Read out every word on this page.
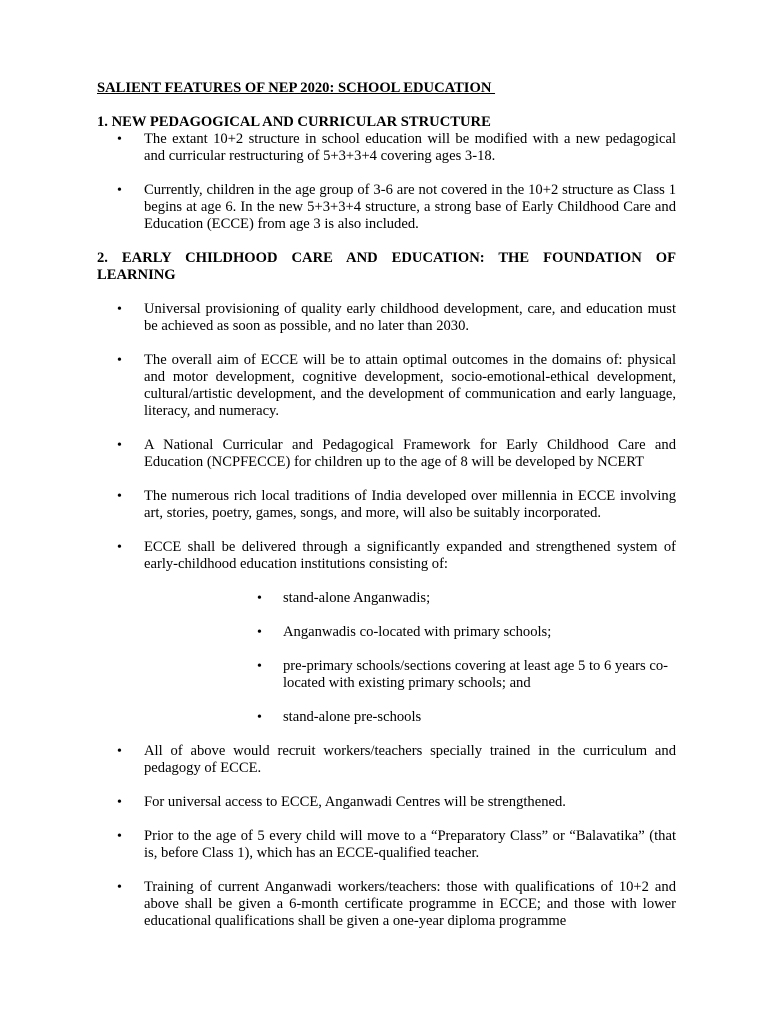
SALIENT FEATURES OF NEP 2020: SCHOOL EDUCATION

1. NEW PEDAGOGICAL AND CURRICULAR STRUCTURE

• The extant 10+2 structure in school education will be modified with a new pedagogical and curricular restructuring of 5+3+3+4 covering ages 3-18.
• Currently, children in the age group of 3-6 are not covered in the 10+2 structure as Class 1 begins at age 6. In the new 5+3+3+4 structure, a strong base of Early Childhood Care and Education (ECCE) from age 3 is also included.

2. EARLY CHILDHOOD CARE AND EDUCATION: THE FOUNDATION OF LEARNING

• Universal provisioning of quality early childhood development, care, and education must be achieved as soon as possible, and no later than 2030.
• The overall aim of ECCE will be to attain optimal outcomes in the domains of: physical and motor development, cognitive development, socio-emotional-ethical development, cultural/artistic development, and the development of communication and early language, literacy, and numeracy.
• A National Curricular and Pedagogical Framework for Early Childhood Care and Education (NCPFECCE) for children up to the age of 8 will be developed by NCERT
• The numerous rich local traditions of India developed over millennia in ECCE involving art, stories, poetry, games, songs, and more, will also be suitably incorporated.
• ECCE shall be delivered through a significantly expanded and strengthened system of early-childhood education institutions consisting of:
• stand-alone Anganwadis;
• Anganwadis co-located with primary schools;
• pre-primary schools/sections covering at least age 5 to 6 years co-located with existing primary schools; and
• stand-alone pre-schools
• All of above would recruit workers/teachers specially trained in the curriculum and pedagogy of ECCE.
• For universal access to ECCE, Anganwadi Centres will be strengthened.
• Prior to the age of 5 every child will move to a “Preparatory Class” or “Balavatika” (that is, before Class 1), which has an ECCE-qualified teacher.
• Training of current Anganwadi workers/teachers: those with qualifications of 10+2 and above shall be given a 6-month certificate programme in ECCE; and those with lower educational qualifications shall be given a one-year diploma programme
